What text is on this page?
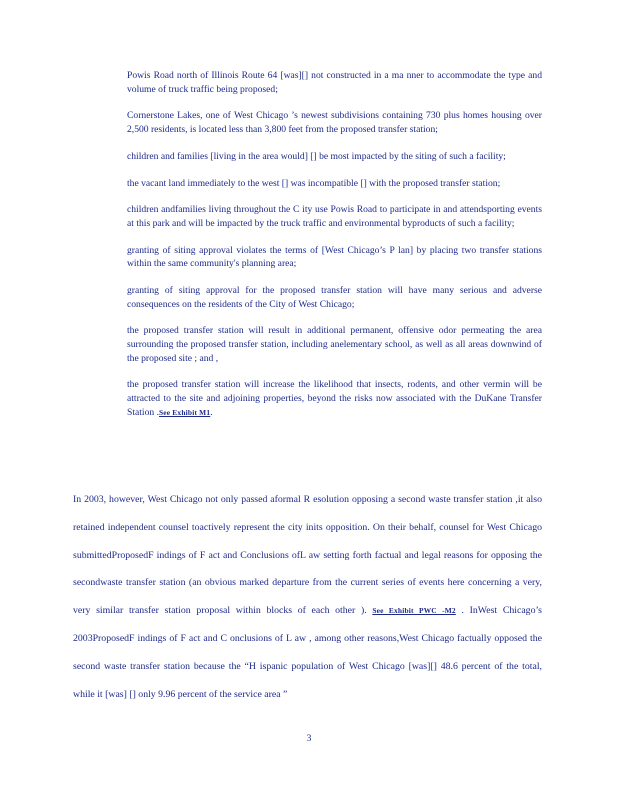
Powis Road north of Illinois Route 64 [was][] not constructed in a ma nner to accommodate the type and volume of truck traffic being proposed;
Cornerstone Lakes, one of West Chicago ’s newest subdivisions containing 730 plus homes housing over 2,500 residents, is located less than 3,800 feet from the proposed transfer station;
children and families [living in the area would] [] be most impacted by the siting of such a facility;
the vacant land immediately to the west [] was incompatible [] with the proposed transfer station;
children andfamilies living throughout the C ity use Powis Road to participate in and attendsporting events at this park and will be impacted by the truck traffic and environmental byproducts of such a facility;
granting of siting approval violates the terms of [West Chicago’s P lan] by placing two transfer stations within the same community's planning area;
granting of siting approval for the proposed transfer station will have many serious and adverse consequences on the residents of the City of West Chicago;
the proposed transfer station will result in additional permanent, offensive odor permeating the area surrounding the proposed transfer station, including anelementary school, as well as all areas downwind of the proposed site ; and ,
the proposed transfer station will increase the likelihood that insects, rodents, and other vermin will be attracted to the site and adjoining properties, beyond the risks now associated with the DuKane Transfer Station .See Exhibit M1.
In 2003, however, West Chicago not only passed aformal R esolution opposing a second waste transfer station ,it also retained independent counsel toactively represent the city inits opposition. On their behalf, counsel for West Chicago submittedProposedF indings of F act and Conclusions ofL aw setting forth factual and legal reasons for opposing the secondwaste transfer station (an obvious marked departure from the current series of events here concerning a very, very similar transfer station proposal within blocks of each other ). See Exhibit PWC -M2 . InWest Chicago’s 2003ProposedF indings of F act and C onclusions of L aw , among other reasons,West Chicago factually opposed the second waste transfer station because the “H ispanic population of West Chicago [was][] 48.6 percent of the total, while it [was] [] only 9.96 percent of the service area ”
3
